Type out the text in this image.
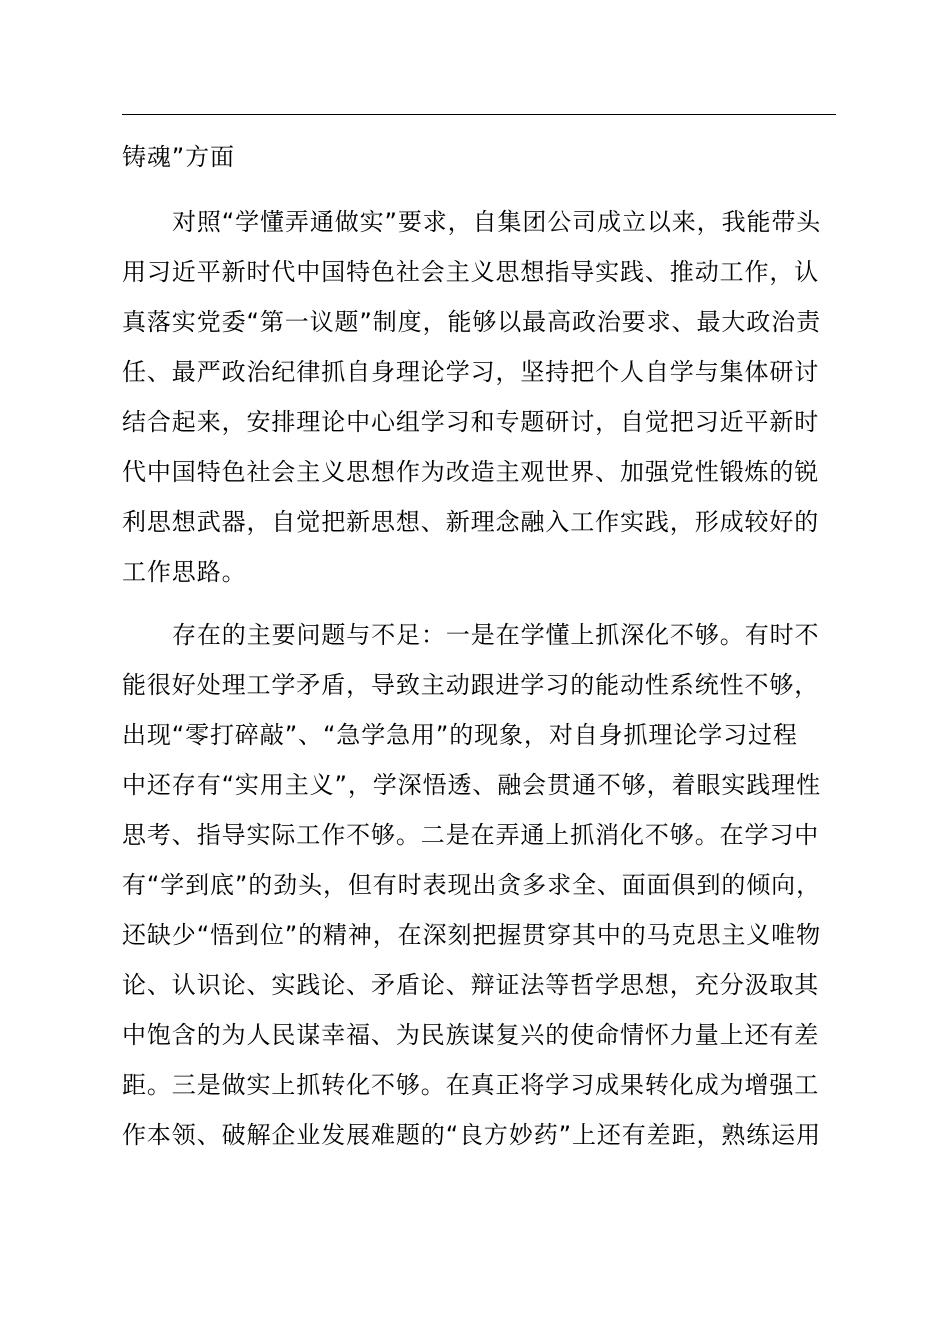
铸魂”方面
对照“学懂弄通做实”要求，自集团公司成立以来，我能带头
用习近平新时代中国特色社会主义思想指导实践、推动工作，认
真落实党委“第一议题”制度，能够以最高政治要求、最大政治责
任、最严政治纪律抓自身理论学习，坚持把个人自学与集体研讨
结合起来，安排理论中心组学习和专题研讨，自觉把习近平新时
代中国特色社会主义思想作为改造主观世界、加强党性锻炼的锐
利思想武器，自觉把新思想、新理念融入工作实践，形成较好的
工作思路。
存在的主要问题与不足：一是在学懂上抓深化不够。有时不
能很好处理工学矛盾，导致主动跟进学习的能动性系统性不够，
出现“零打碎敲”、“急学急用”的现象，对自身抓理论学习过程
中还存有“实用主义”，学深悟透、融会贯通不够，着眼实践理性
思考、指导实际工作不够。二是在弄通上抓消化不够。在学习中
有“学到底”的劲头，但有时表现出贪多求全、面面俱到的倾向，
还缺少“悟到位”的精神，在深刻把握贯穿其中的马克思主义唯物
论、认识论、实践论、矛盾论、辩证法等哲学思想，充分汲取其
中饱含的为人民谋幸福、为民族谋复兴的使命情怀力量上还有差
距。三是做实上抓转化不够。在真正将学习成果转化成为增强工
作本领、破解企业发展难题的“良方妙药”上还有差距，熟练运用
